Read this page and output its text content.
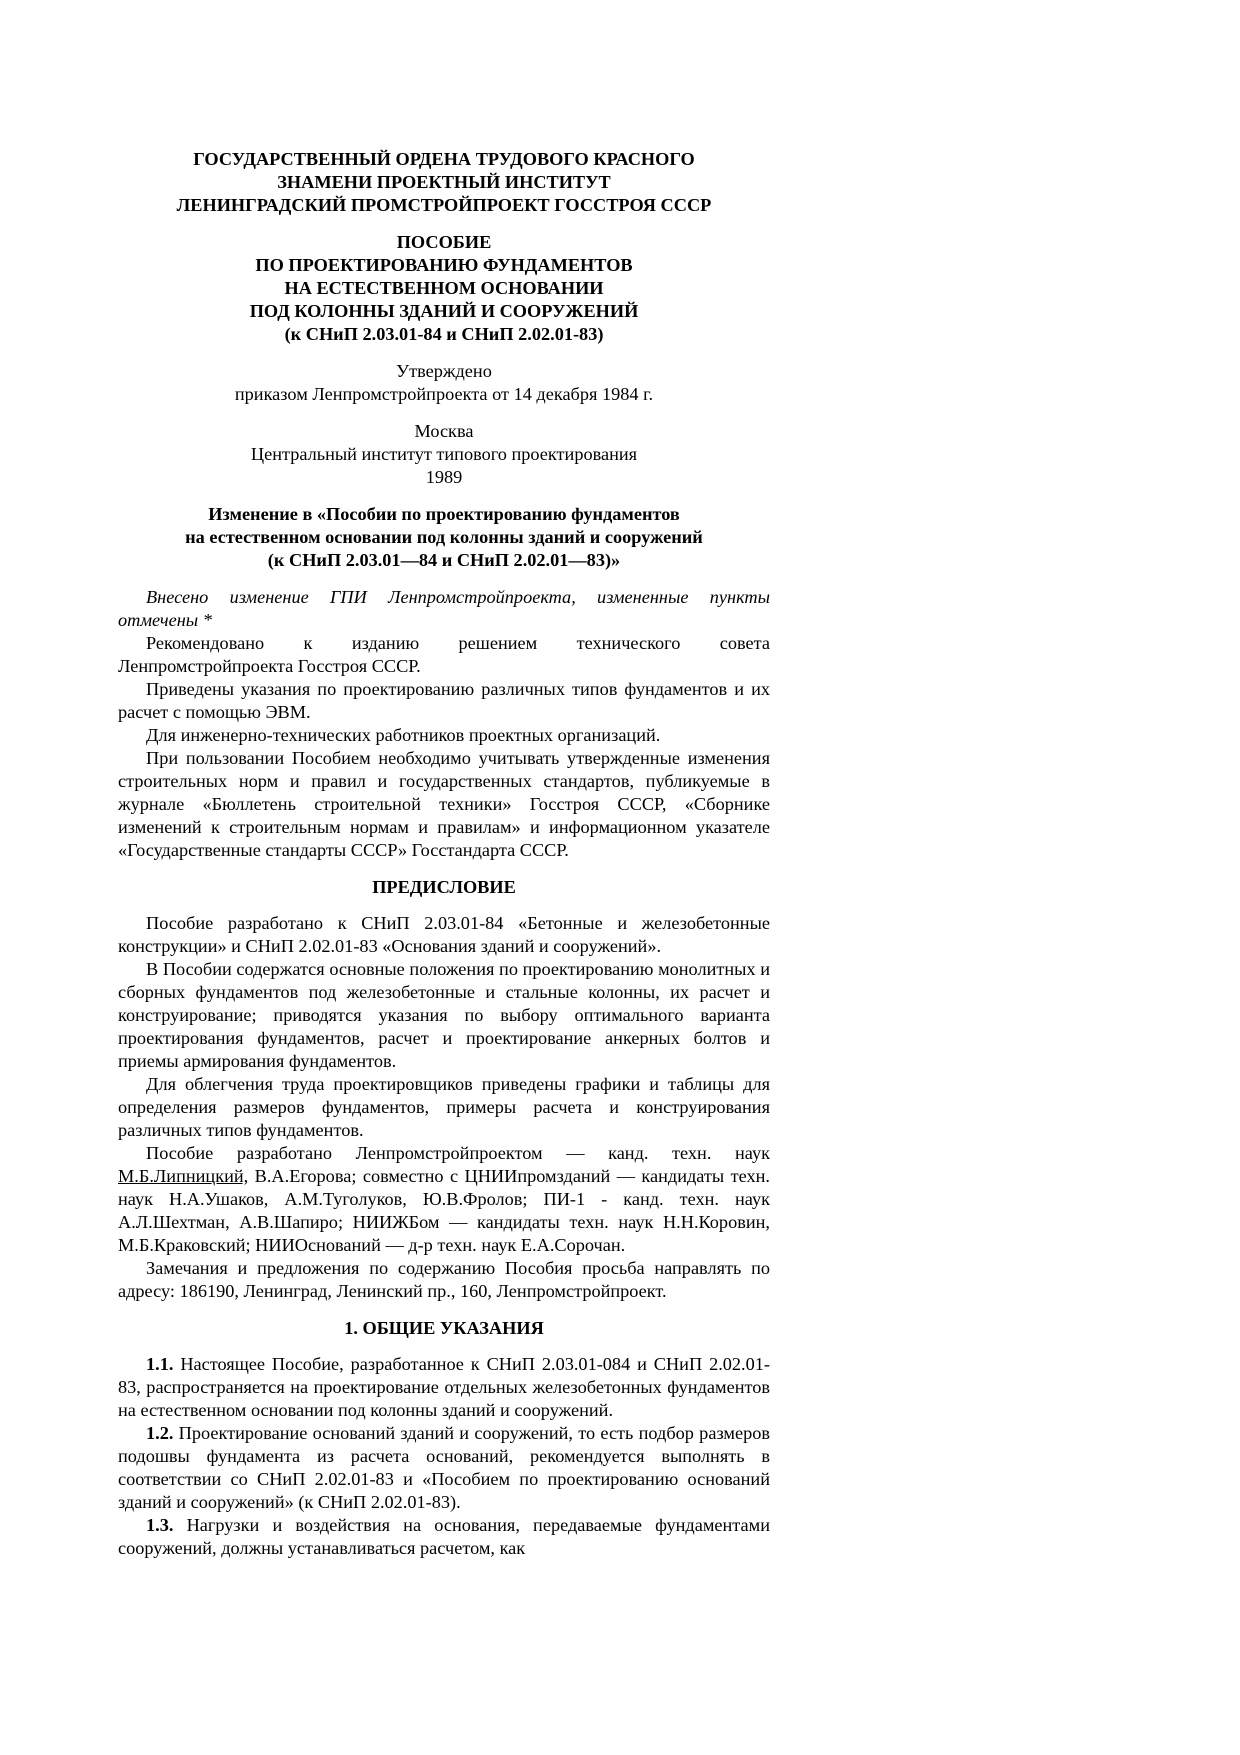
ГОСУДАРСТВЕННЫЙ ОРДЕНА ТРУДОВОГО КРАСНОГО
ЗНАМЕНИ ПРОЕКТНЫЙ ИНСТИТУТ
ЛЕНИНГРАДСКИЙ ПРОМСТРОЙПРОЕКТ ГОССТРОЯ СССР
ПОСОБИЕ
ПО ПРОЕКТИРОВАНИЮ ФУНДАМЕНТОВ
НА ЕСТЕСТВЕННОМ ОСНОВАНИИ
ПОД КОЛОННЫ ЗДАНИЙ И СООРУЖЕНИЙ
(к СНиП 2.03.01-84 и СНиП 2.02.01-83)
Утверждено
приказом Ленпромстройпроекта от 14 декабря 1984 г.
Москва
Центральный институт типового проектирования
1989
Изменение в «Пособии по проектированию фундаментов
на естественном основании под колонны зданий и сооружений
(к СНиП 2.03.01—84 и СНиП 2.02.01—83)»

Внесено изменение ГПИ Ленпромстройпроекта, измененные пункты отмечены *

Рекомендовано к изданию решением технического совета Ленпромстройпроекта Госстроя СССР.

Приведены указания по проектированию различных типов фундаментов и их расчет с помощью ЭВМ.

Для инженерно-технических работников проектных организаций.

При пользовании Пособием необходимо учитывать утвержденные изменения строительных норм и правил и государственных стандартов, публикуемые в журнале «Бюллетень строительной техники» Госстроя СССР, «Сборнике изменений к строительным нормам и правилам» и информационном указателе «Государственные стандарты СССР» Госстандарта СССР.

ПРЕДИСЛОВИЕ

Пособие разработано к СНиП 2.03.01-84 «Бетонные и железобетонные конструкции» и СНиП 2.02.01-83 «Основания зданий и сооружений».

В Пособии содержатся основные положения по проектированию монолитных и сборных фундаментов под железобетонные и стальные колонны, их расчет и конструирование; приводятся указания по выбору оптимального варианта проектирования фундаментов, расчет и проектирование анкерных болтов и приемы армирования фундаментов.

Для облегчения труда проектировщиков приведены графики и таблицы для определения размеров фундаментов, примеры расчета и конструирования различных типов фундаментов.

Пособие разработано Ленпромстройпроектом — канд. техн. наук М.Б.Липницкий, В.А.Егорова; совместно с ЦНИИпромзданий — кандидаты техн. наук Н.А.Ушаков, А.М.Туголуков, Ю.В.Фролов; ПИ-1 - канд. техн. наук А.Л.Шехтман, А.В.Шапиро; НИИЖБом — кандидаты техн. наук Н.Н.Коровин, М.Б.Краковский; НИИОснований — д-р техн. наук Е.А.Сорочан.

Замечания и предложения по содержанию Пособия просьба направлять по адресу: 186190, Ленинград, Ленинский пр., 160, Ленпромстройпроект.

1. ОБЩИЕ УКАЗАНИЯ

1.1. Настоящее Пособие, разработанное к СНиП 2.03.01-084 и СНиП 2.02.01-83, распространяется на проектирование отдельных железобетонных фундаментов на естественном основании под колонны зданий и сооружений.

1.2. Проектирование оснований зданий и сооружений, то есть подбор размеров подошвы фундамента из расчета оснований, рекомендуется выполнять в соответствии со СНиП 2.02.01-83 и «Пособием по проектированию оснований зданий и сооружений» (к СНиП 2.02.01-83).

1.3. Нагрузки и воздействия на основания, передаваемые фундаментами сооружений, должны устанавливаться расчетом, как
